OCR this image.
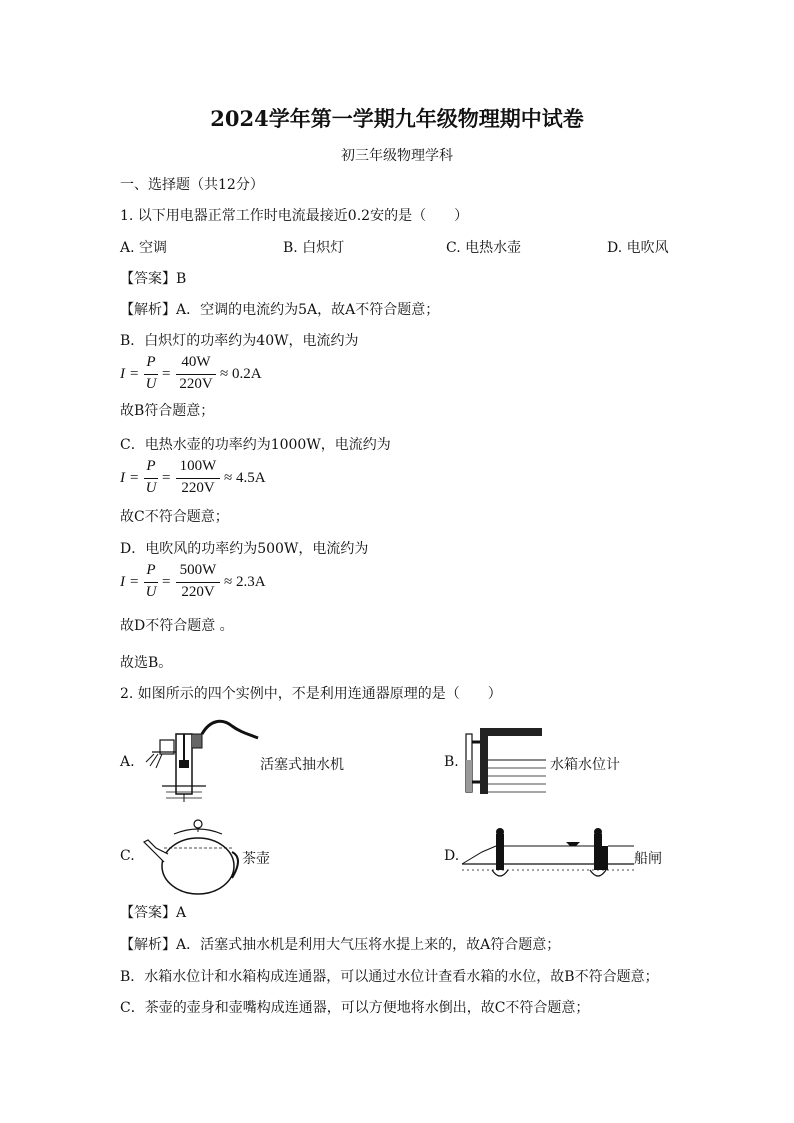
2024学年第一学期九年级物理期中试卷
初三年级物理学科
一、选择题（共12分）
1. 以下用电器正常工作时电流最接近0.2安的是（　　）
A. 空调	B. 白炽灯	C. 电热水壶	D. 电吹风
【答案】B
【解析】A．空调的电流约为5A，故A不符合题意；
B．白炽灯的功率约为40W，电流约为
I =
P
U
=
40W
220V
≈ 0.2A
故B符合题意；
C．电热水壶的功率约为1000W，电流约为
I =
P
U
=
100W
220V
≈ 4.5A
故C不符合题意；
D．电吹风的功率约为500W，电流约为
I =
P
U
=
500W
220V
≈ 2.3A
故D不符合题意 。
故选B。
2. 如图所示的四个实例中，不是利用连通器原理的是（　　）
A.	活塞式抽水机	B.	水箱水位计
C.	茶壶	D.	船闸
【答案】A
【解析】A．活塞式抽水机是利用大气压将水提上来的，故A符合题意；
B．水箱水位计和水箱构成连通器，可以通过水位计查看水箱的水位，故B不符合题意；
C．茶壶的壶身和壶嘴构成连通器，可以方便地将水倒出，故C不符合题意；
